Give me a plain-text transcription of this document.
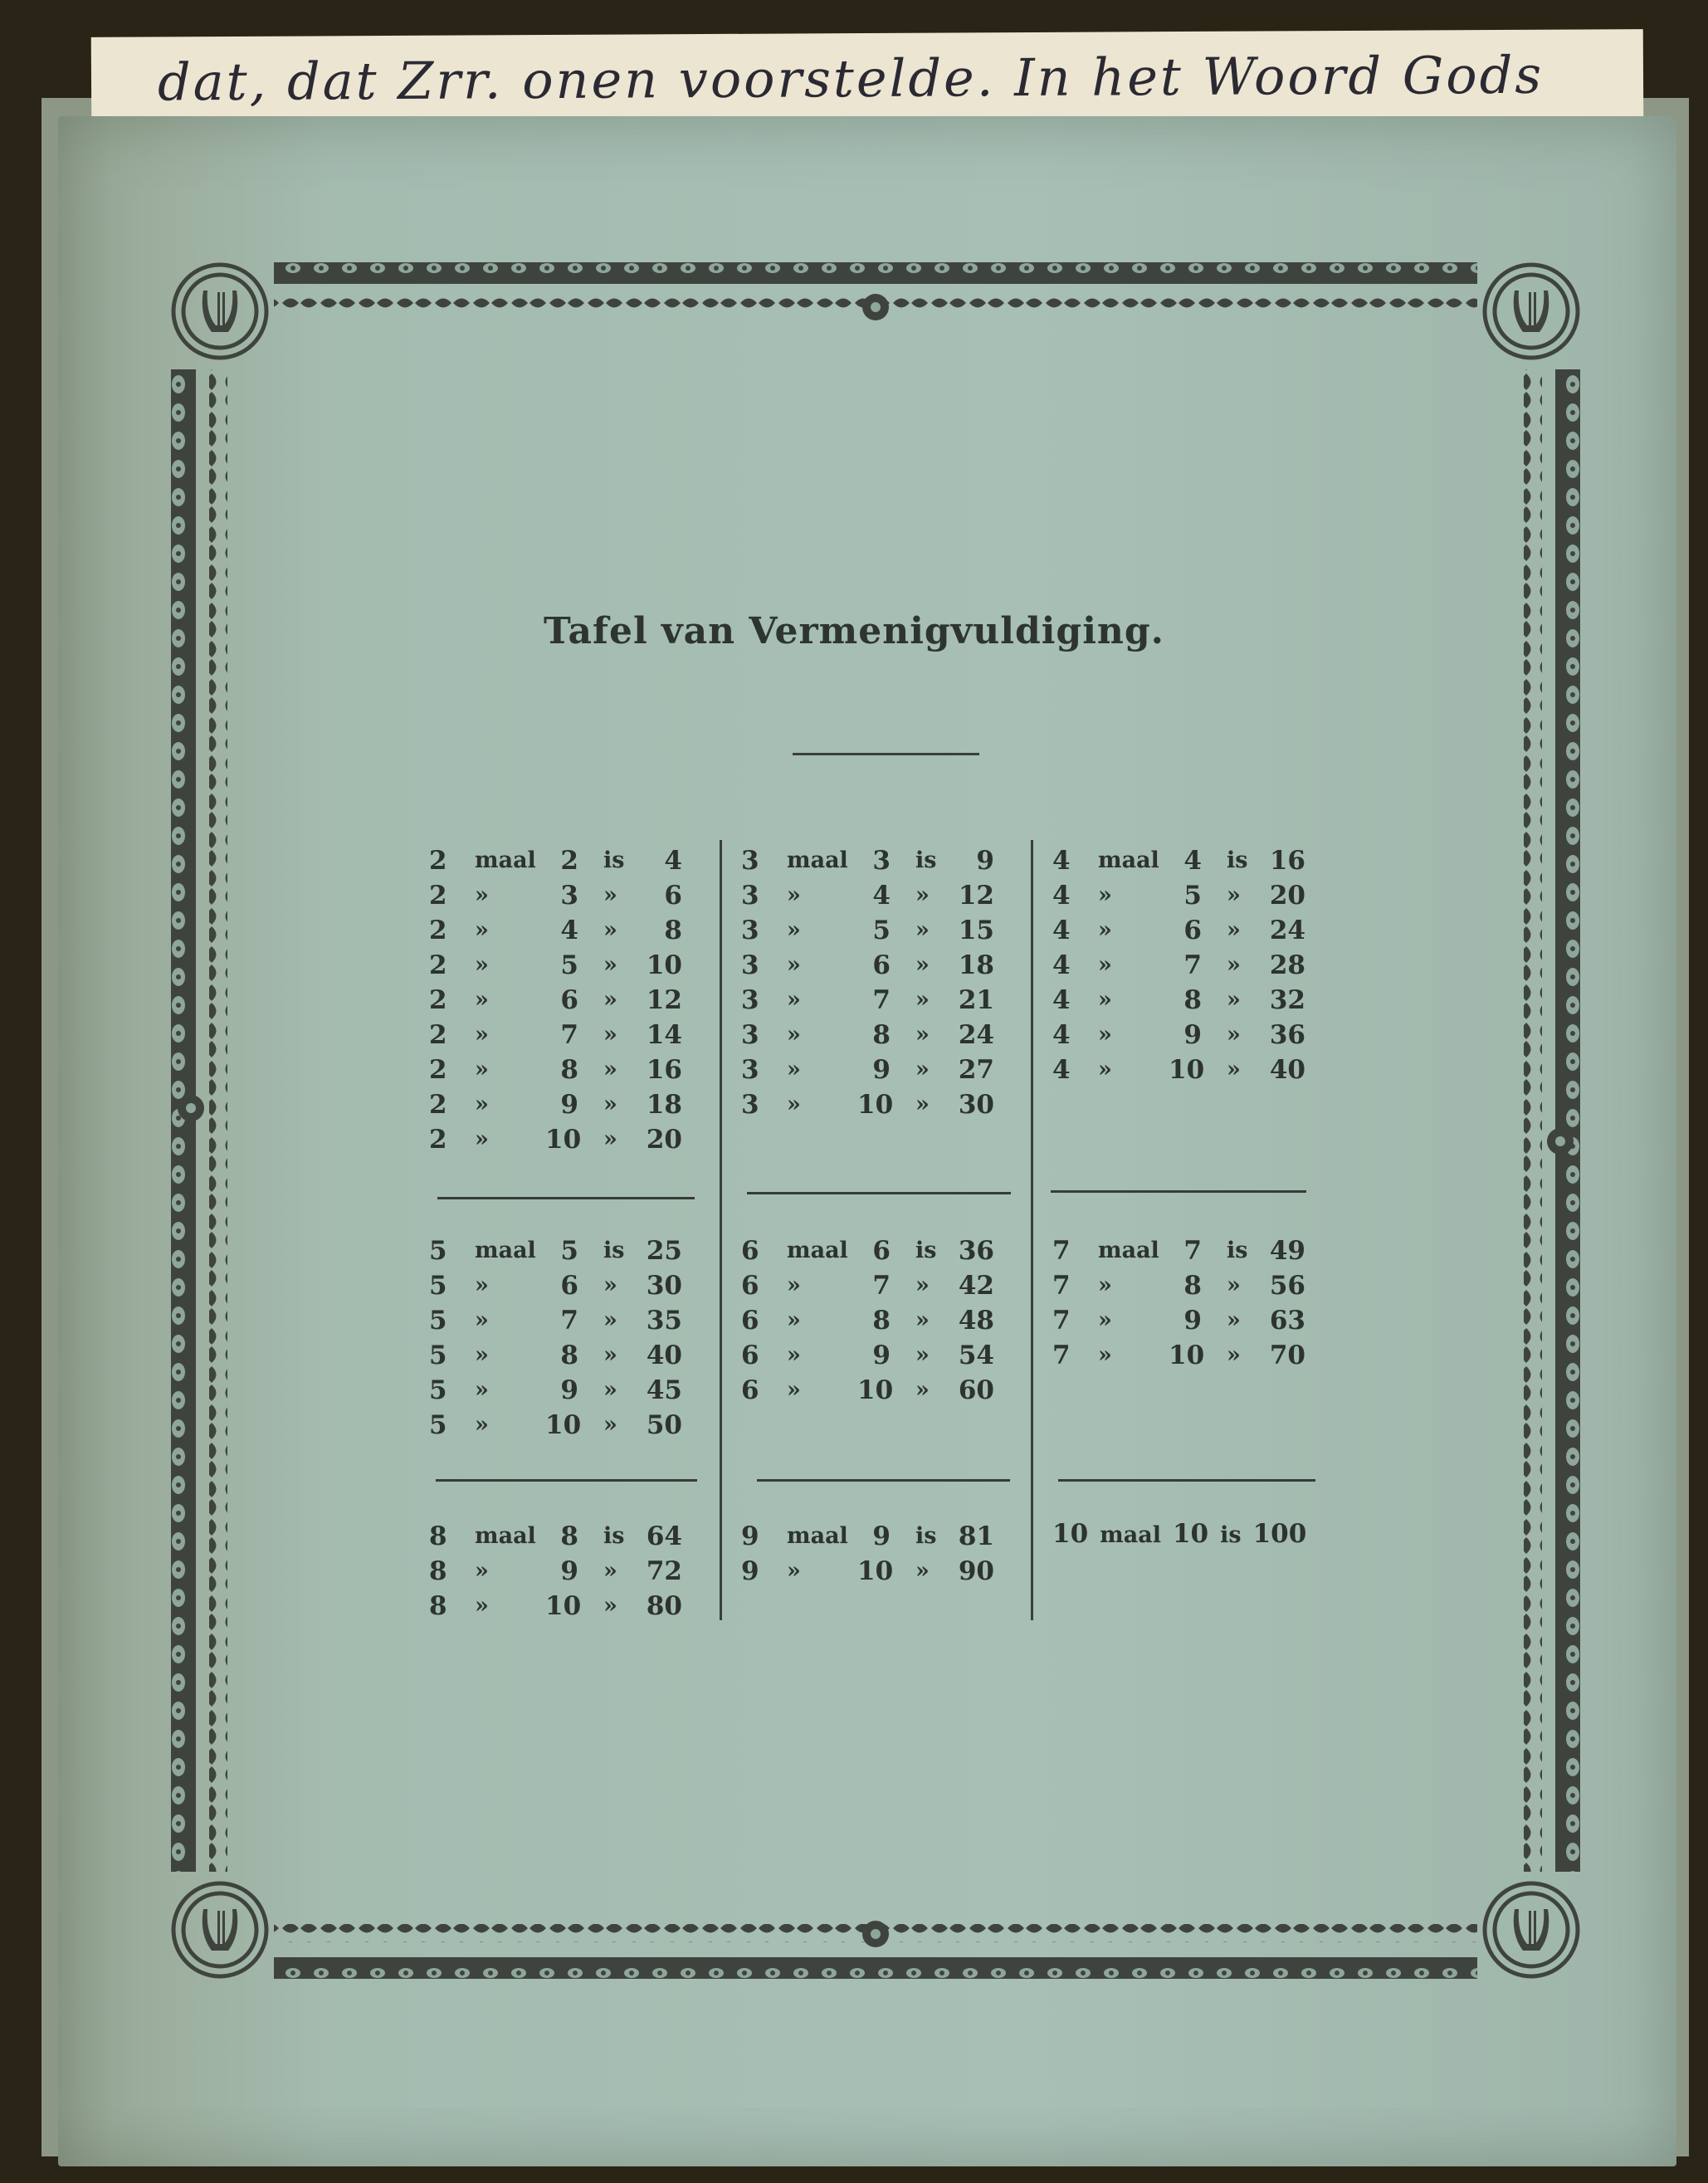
dat, dat Zrr. onen voorstelde. In het Woord Gods
Tafel van Vermenigvuldiging.
2 maal 2 is	4
2 »	3 »	6
2 »	4 »	8
2 »	5 »	10
2 »	6 »	12
2 »	7 »	14
2 »	8 »	16
2 »	9 »	18
2 » 10 »	20
3 maal 3 is	9
3 »	4 »	12
3 »	5 »	15
3 »	6 »	18
3 »	7 »	21
3 »	8 »	24
3 »	9 »	27
3 » 10 »	30
4 maal 4 is 16
4 »	5 »	20
4 »	6 »	24
4 »	7 »	28
4 »	8 »	32
4 »	9 »	36
4 » 10 »	40
5 maal 5 is 25
5 »	6 »	30
5 »	7 »	35
5 »	8 »	40
5 »	9 »	45
5 » 10 »	50
6 maal 6 is 36
6 »	7 »	42
6 »	8 »	48
6 »	9 »	54
6 » 10 »	60
7 maal 7 is 49
7 »	8 »	56
7 »	9 »	63
7 » 10 »	70
8 maal 8 is 64
8 »	9 »	72
8 » 10 »	80
9 maal 9 is 81
9 » 10 »	90
10 maal 10 is 100
